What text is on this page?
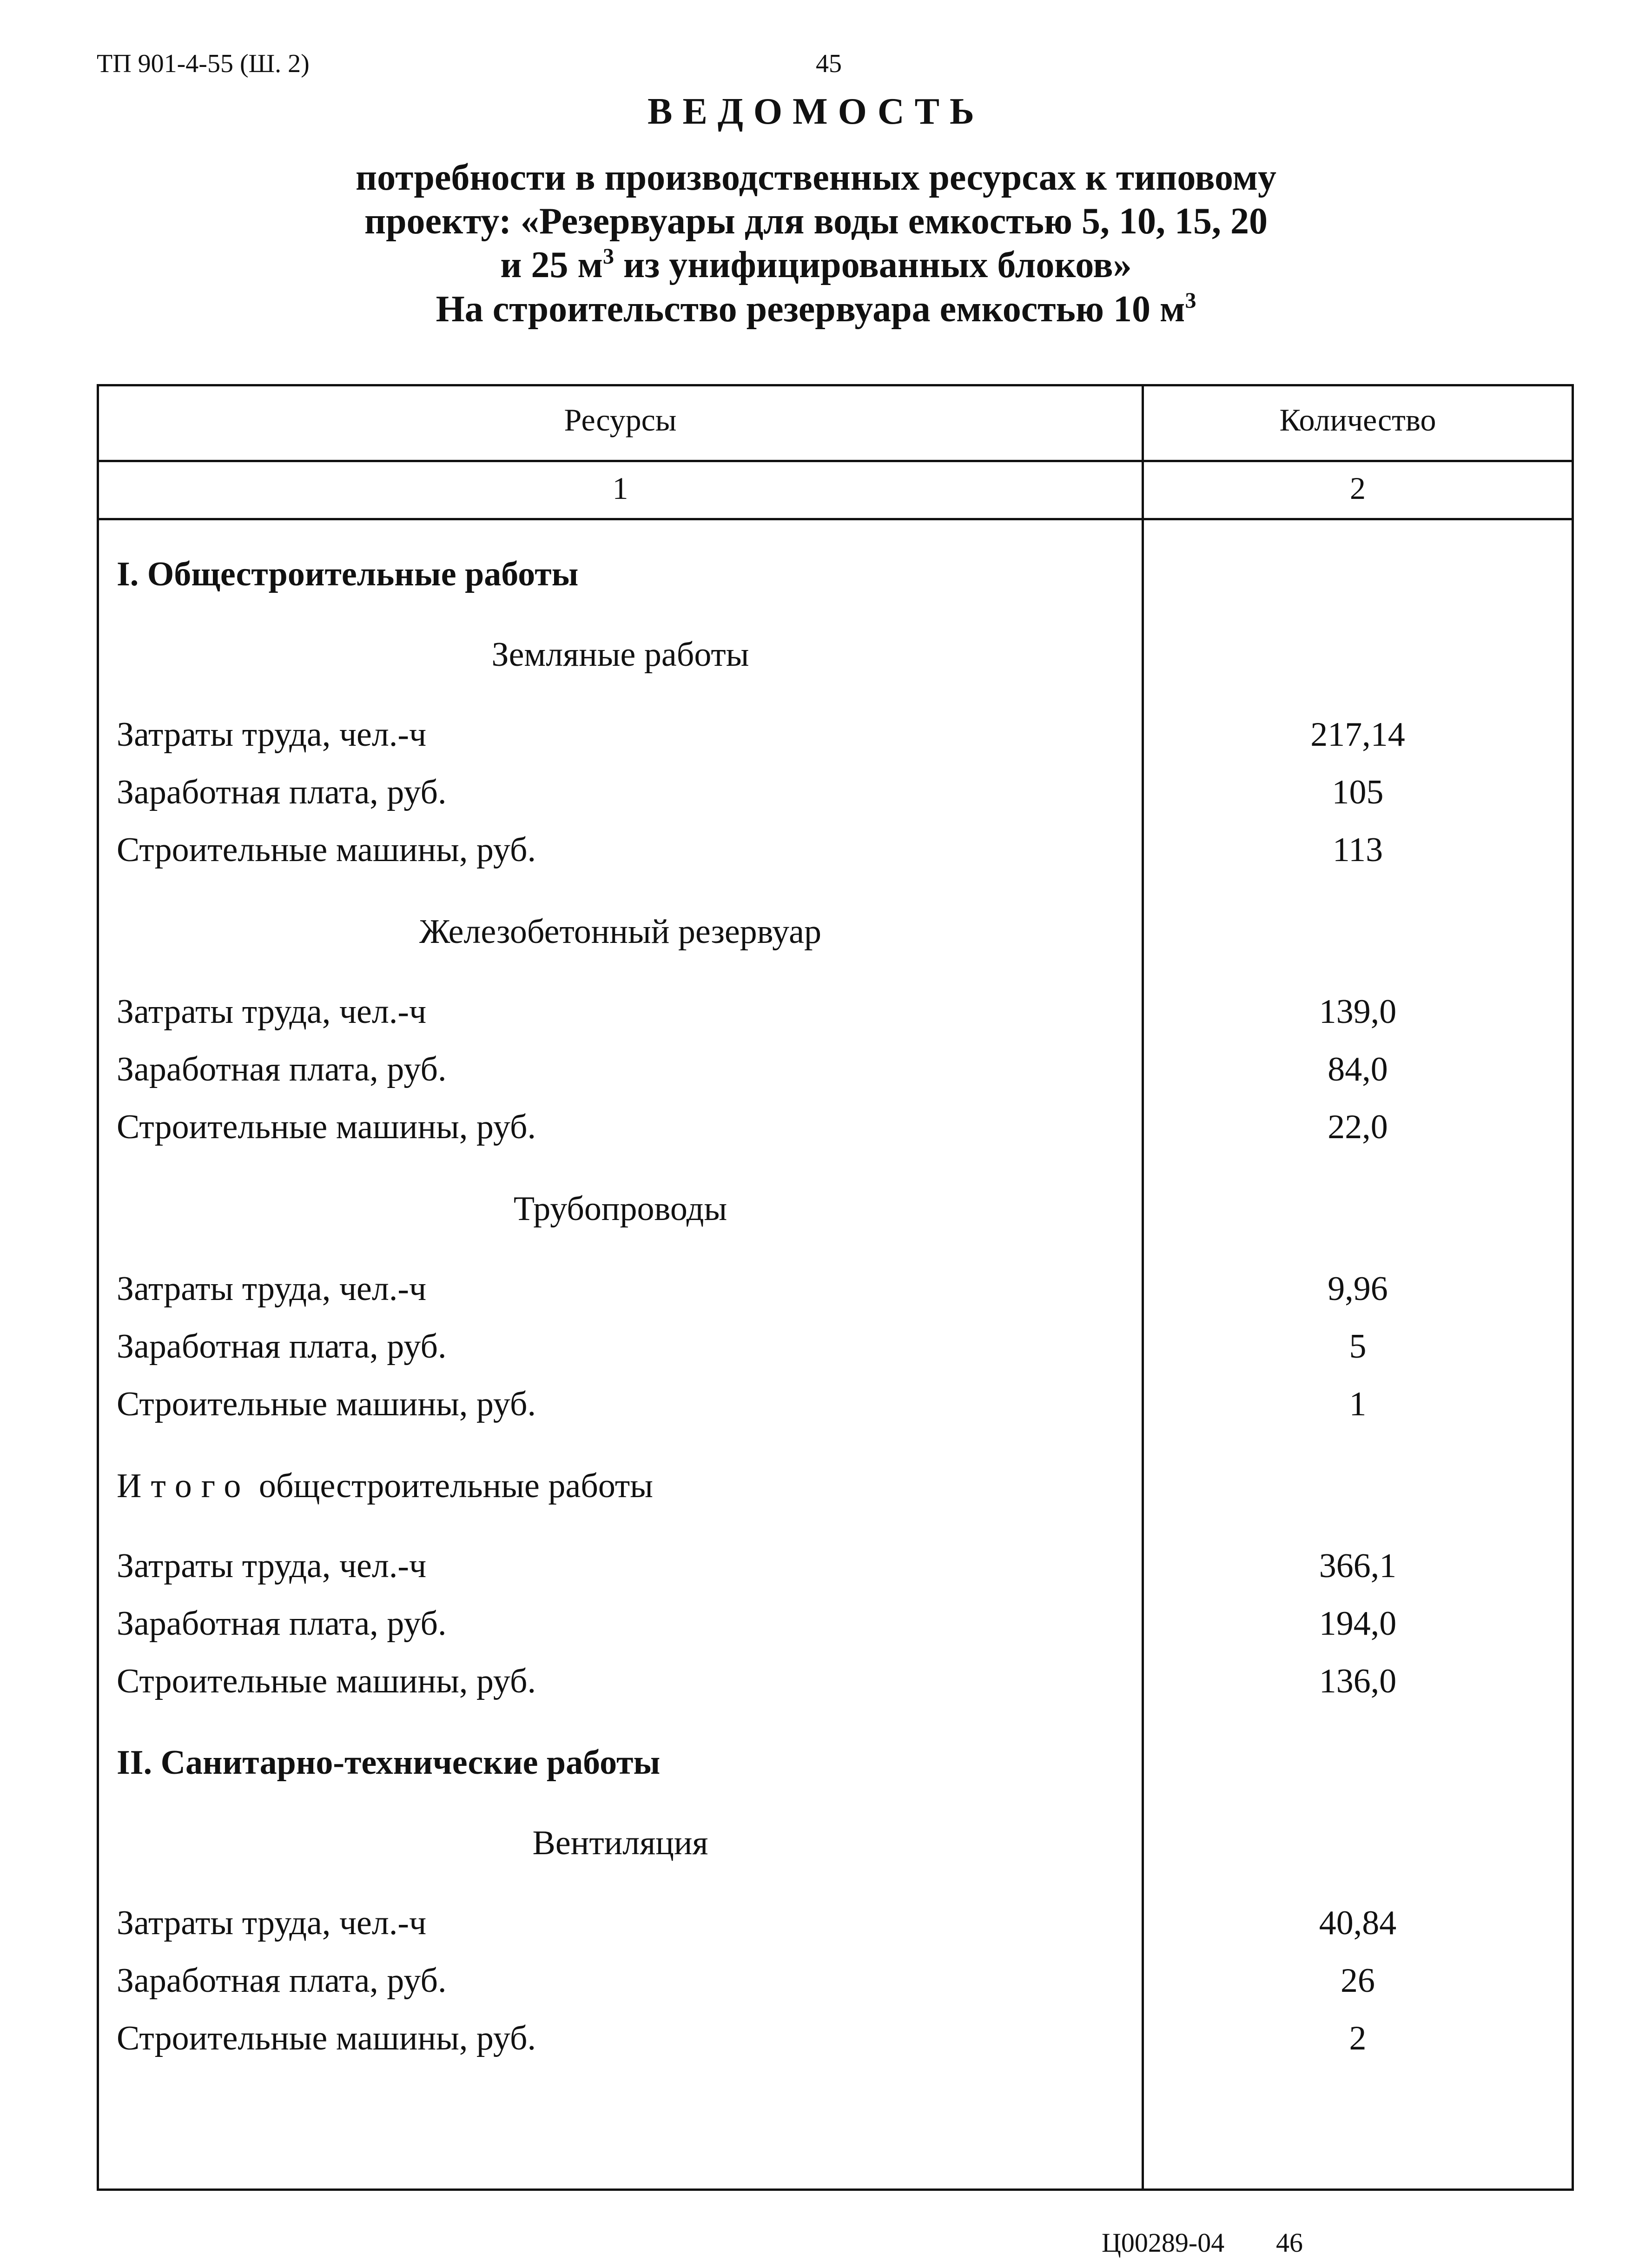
ТП 901-4-55 (Ш. 2)	45
ВЕДОМОСТЬ
потребности в производственных ресурсах к типовому
проекту: «Резервуары для воды емкостью 5, 10, 15, 20
и 25 $м^3$ из унифицированных блоков»
На строительство резервуара емкостью 10 $м^3$
Ресурсы	Количество
1	2
I. Общестроительные работы
Земляные работы
Затраты труда, чел.-ч	217,14
Заработная плата, руб.	105
Строительные машины, руб.	113
Железобетонный резервуар
Затраты труда, чел.-ч	139,0
Заработная плата, руб.	84,0
Строительные машины, руб.	22,0
Трубопроводы
Затраты труда, чел.-ч	9,96
Заработная плата, руб.	5
Строительные машины, руб.	1
Итого общестроительные работы
Затраты труда, чел.-ч	366,1
Заработная плата, руб.	194,0
Строительные машины, руб.	136,0
II. Санитарно-технические работы
Вентиляция
Затраты труда, чел.-ч	40,84
Заработная плата, руб.	26
Строительные машины, руб.	2
Ц00289-04 46
